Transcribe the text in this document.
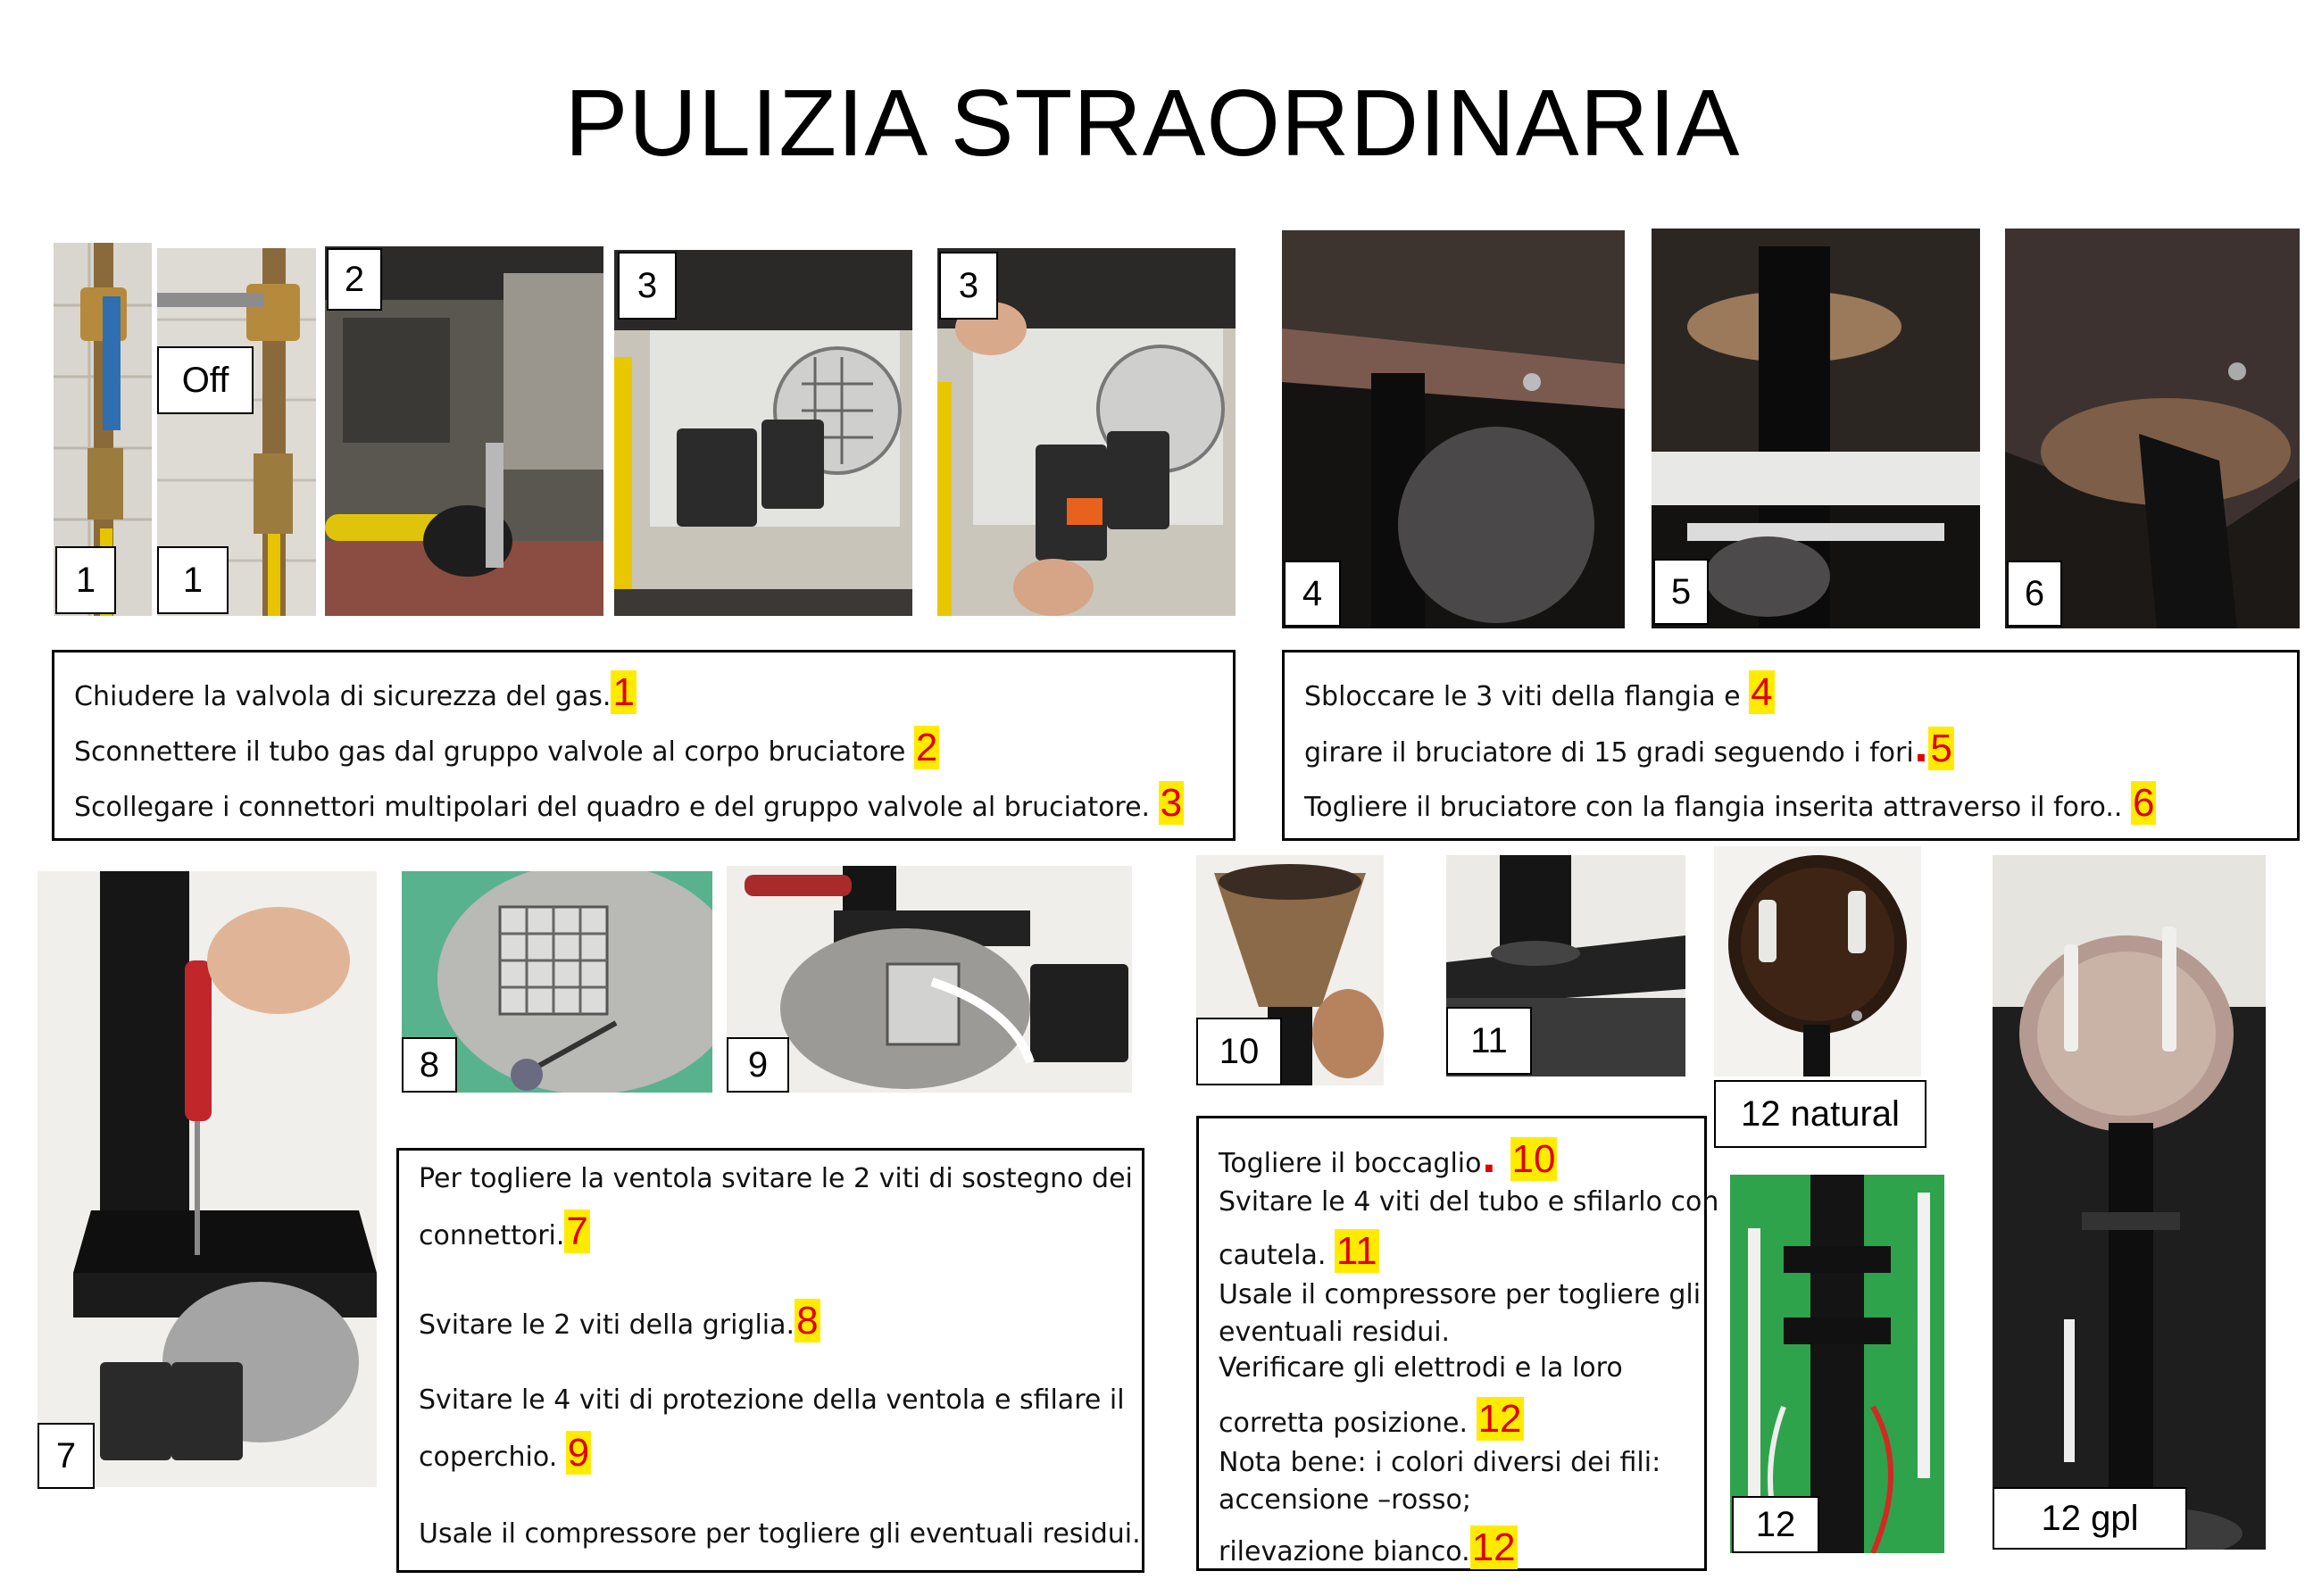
PULIZIA STRAORDINARIA
1
Off
1
2	3	3
4	5	6

Chiudere la valvola di sicurezza del gas.1

Sconnettere il tubo gas dal gruppo valvole al corpo bruciatore 2

Scollegare i connettori multipolari del quadro e del gruppo valvole al bruciatore. 3

Sbloccare le 3 viti della flangia e 4

girare il bruciatore di 15 gradi seguendo i fori.5

Togliere il bruciatore con la flangia inserita attraverso il foro.. 6

7
8	9	10	11
12 natural
12	12 gpl

Per togliere la ventola svitare le 2 viti di sostegno dei

connettori.7

Svitare le 2 viti della griglia.8

Svitare le 4 viti di protezione della ventola e sfilare il

coperchio. 9

Usale il compressore per togliere gli eventuali residui.

Togliere il boccaglio. 10

Svitare le 4 viti del tubo e sfilarlo con

cautela. 11

Usale il compressore per togliere gli

eventuali residui.

Verificare gli elettrodi e la loro

corretta posizione. 12

Nota bene: i colori diversi dei fili:

accensione –rosso;

rilevazione bianco.12
